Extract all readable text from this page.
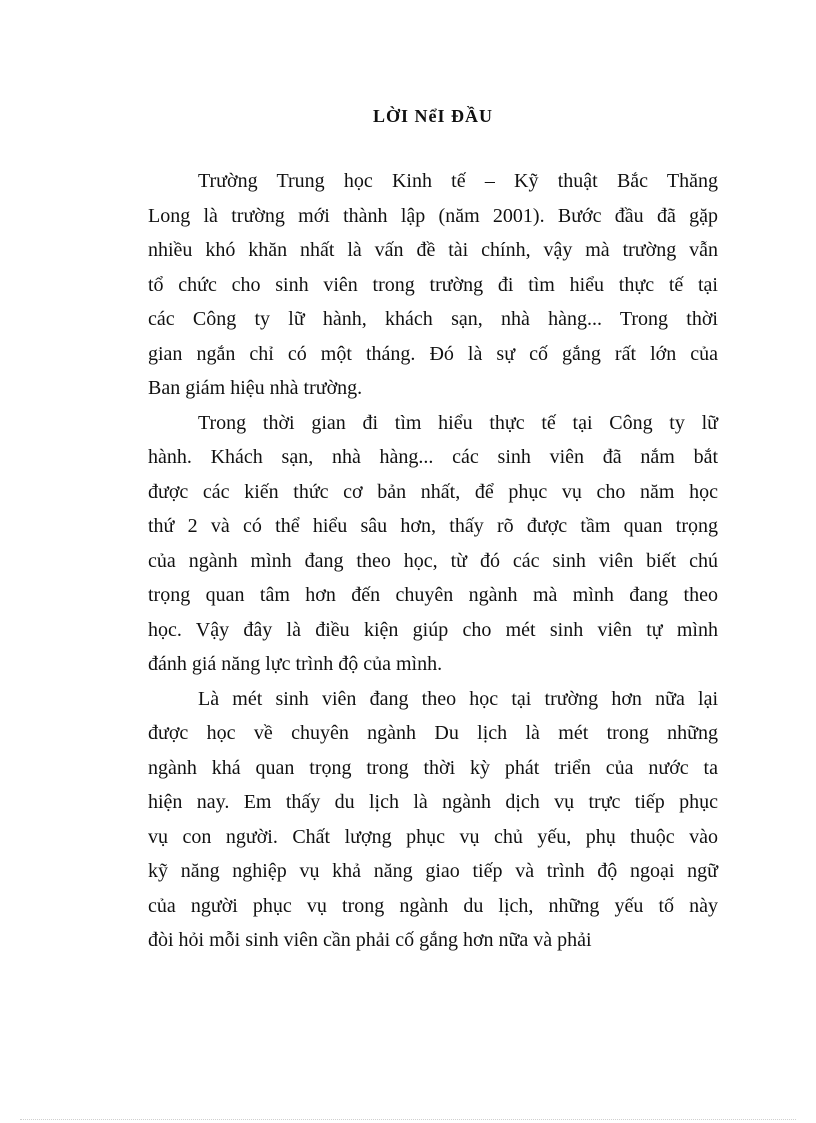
LỜI NểI ĐẦU
Trường Trung học Kinh tế – Kỹ thuật Bắc Thăng
Long là trường mới thành lập (năm 2001). Bước đầu đã gặp
nhiều khó khăn nhất là vấn đề tài chính, vậy mà trường vẫn
tổ chức cho sinh viên trong trường đi tìm hiểu thực tế tại
các Công ty lữ hành, khách sạn, nhà hàng... Trong thời
gian ngắn chỉ có một tháng. Đó là sự cố gắng rất lớn của
Ban giám hiệu nhà trường.
Trong thời gian đi tìm hiểu thực tế tại Công ty lữ
hành. Khách sạn, nhà hàng... các sinh viên đã nắm bắt
được các kiến thức cơ bản nhất, để phục vụ cho năm học
thứ 2 và có thể hiểu sâu hơn, thấy rõ được tầm quan trọng
của ngành mình đang theo học, từ đó các sinh viên biết chú
trọng quan tâm hơn đến chuyên ngành mà mình đang theo
học. Vậy đây là điều kiện giúp cho mét sinh viên tự mình
đánh giá năng lực trình độ của mình.
Là mét sinh viên đang theo học tại trường hơn nữa lại
được học về chuyên ngành Du lịch là mét trong những
ngành khá quan trọng trong thời kỳ phát triển của nước ta
hiện nay. Em thấy du lịch là ngành dịch vụ trực tiếp phục
vụ con người. Chất lượng phục vụ chủ yếu, phụ thuộc vào
kỹ năng nghiệp vụ khả năng giao tiếp và trình độ ngoại ngữ
của người phục vụ trong ngành du lịch, những yếu tố này
đòi hỏi mỗi sinh viên cần phải cố gắng hơn nữa và phải
